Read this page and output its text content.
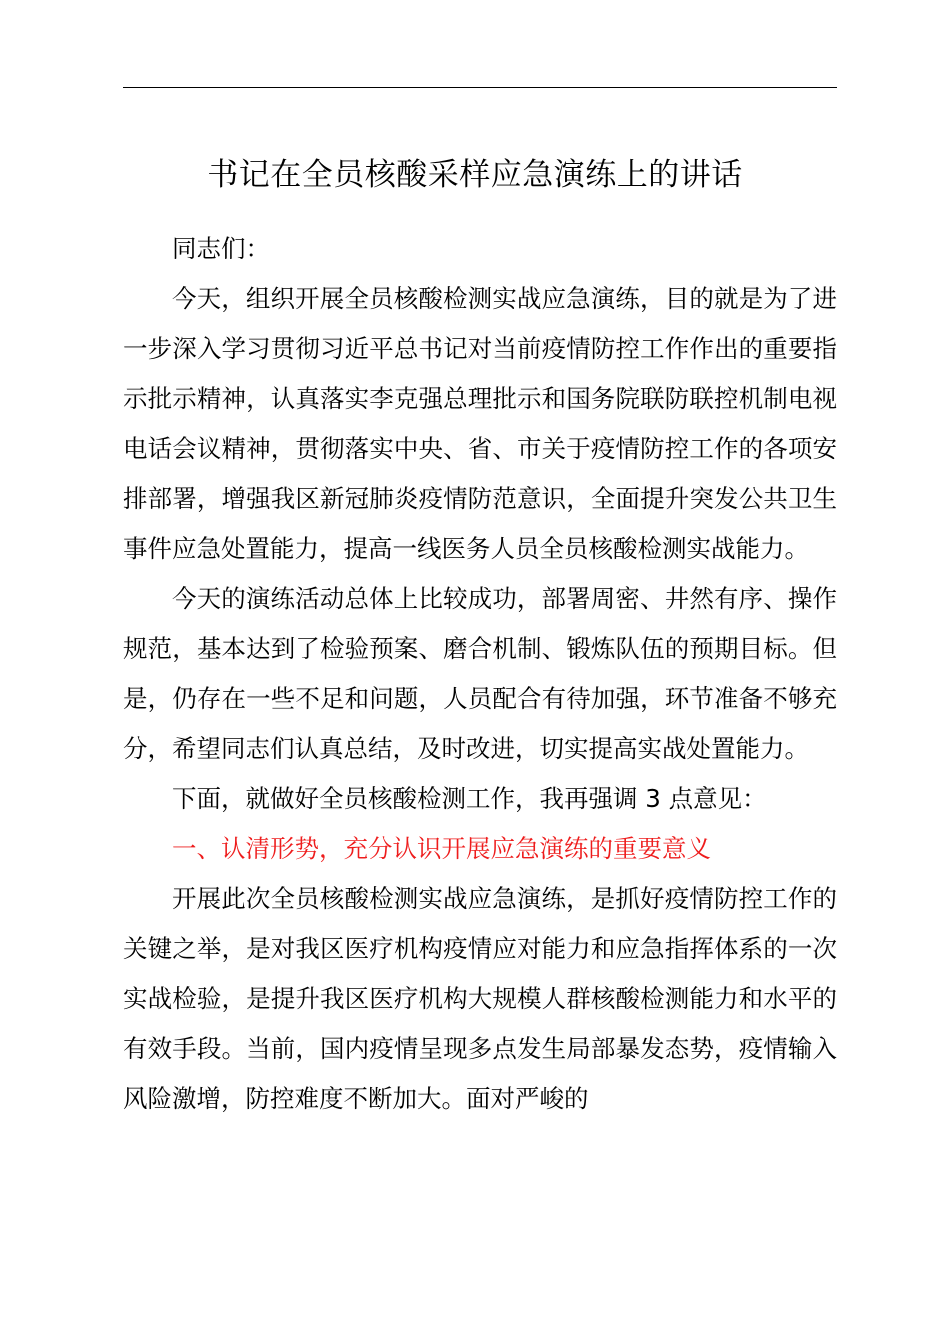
书记在全员核酸采样应急演练上的讲话

同志们：

今天，组织开展全员核酸检测实战应急演练，目的就是为了进一步深入学习贯彻习近平总书记对当前疫情防控工作作出的重要指示批示精神，认真落实李克强总理批示和国务院联防联控机制电视电话会议精神，贯彻落实中央、省、市关于疫情防控工作的各项安排部署，增强我区新冠肺炎疫情防范意识，全面提升突发公共卫生事件应急处置能力，提高一线医务人员全员核酸检测实战能力。

今天的演练活动总体上比较成功，部署周密、井然有序、操作规范，基本达到了检验预案、磨合机制、锻炼队伍的预期目标。但是，仍存在一些不足和问题，人员配合有待加强，环节准备不够充分，希望同志们认真总结，及时改进，切实提高实战处置能力。

下面，就做好全员核酸检测工作，我再强调 3 点意见：

一、认清形势，充分认识开展应急演练的重要意义

开展此次全员核酸检测实战应急演练，是抓好疫情防控工作的关键之举，是对我区医疗机构疫情应对能力和应急指挥体系的一次实战检验，是提升我区医疗机构大规模人群核酸检测能力和水平的有效手段。当前，国内疫情呈现多点发生局部暴发态势，疫情输入风险激增，防控难度不断加大。面对严峻的
